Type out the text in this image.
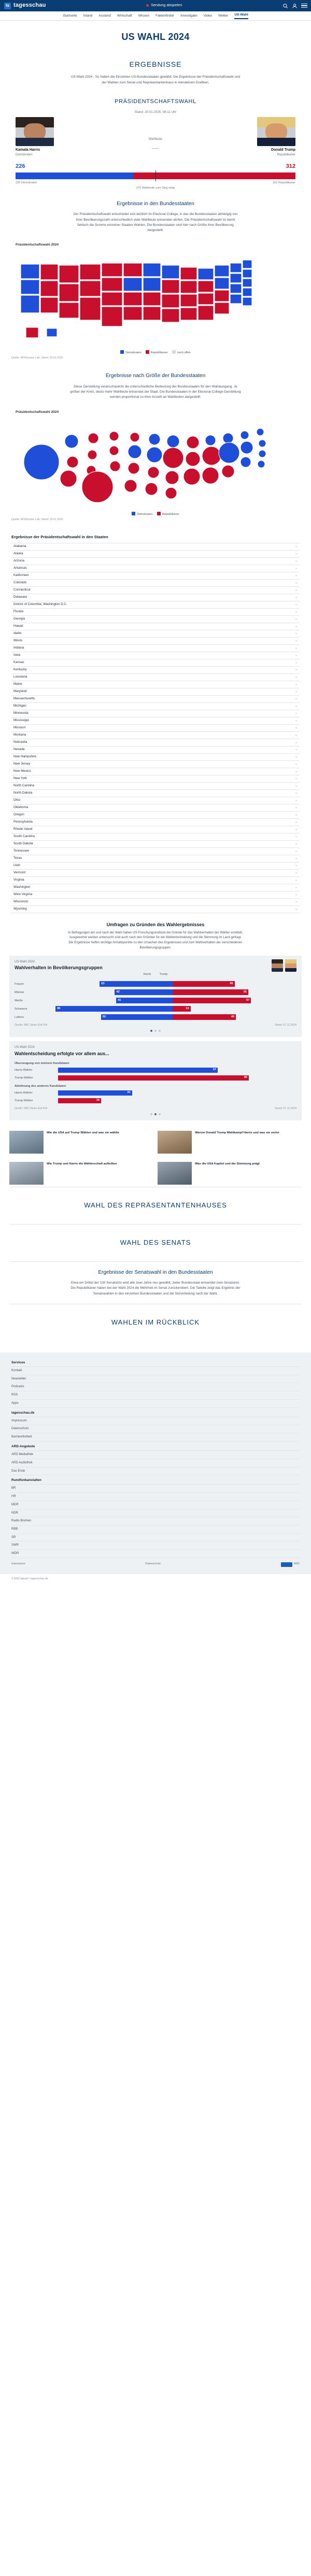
ts tagesschau	Sendung abspielen
Startseite Inland Ausland Wirtschaft Wissen Faktenfinder Investigativ Video Wetter US-Wahl
US WAHL 2024
ERGEBNISSE
US-Wahl 2024 - So haben die Einzelnen US-Bundesstaaten gewählt: Die Ergebnisse der Präsidentschaftswahl und der Wahlen zum Senat und Repräsentantenhaus in interaktiven Grafiken.
PRÄSIDENTSCHAFTSWAHL
Stand: 20.01.2025, 08:11 Uhr
Kamala Harris
Demokraten
Wahlleute
—	Donald Trump
Republikaner
226	312
226 Demokraten	312 Republikaner
270 Wahlleute zum Sieg nötig
Ergebnisse in den Bundesstaaten
Der Präsidentschaftswahl entscheidet sich letztlich im Electoral College, in das die Bundesstaaten abhängig von ihrer Bevölkerungszahl unterschiedlich viele Wahlleute entsenden dürfen. Die Präsidentschaftswahl ist damit faktisch die Summe einzelner Staaten-Wahlen. Die Bundesstaaten sind hier nach Größe ihrer Bevölkerung dargestellt.
Präsidentschaftswahl 2024
Demokraten	Republikaner	noch offen
Quelle: AP/Election Lab, Stand: 20.01.2025
Ergebnisse nach Größe der Bundesstaaten
Diese Darstellung veranschaulicht die unterschiedliche Bedeutung der Bundesstaaten für den Wahlausgang. Je größer der Kreis, desto mehr Wahlleute entsendet der Staat. Die Bundesstaaten in der Electoral-College-Darstellung werden proportional zu ihrer Anzahl an Wahlleuten dargestellt.
Präsidentschaftswahl 2024
Demokraten	Republikaner
Quelle: AP/Election Lab, Stand: 20.01.2025
Ergebnisse der Präsidentschaftswahl in den Staaten
Alabama	⌄
Alaska	⌄
Arizona	⌄
Arkansas	⌄
Kalifornien	⌄
Colorado	⌄
Connecticut	⌄
Delaware	⌄
District of Columbia, Washington D.C.	⌄
Florida	⌄
Georgia	⌄
Hawaii	⌄
Idaho	⌄
Illinois	⌄
Indiana	⌄
Iowa	⌄
Kansas	⌄
Kentucky	⌄
Louisiana	⌄
Maine	⌄
Maryland	⌄
Massachusetts	⌄
Michigan	⌄
Minnesota	⌄
Mississippi	⌄
Missouri	⌄
Montana	⌄
Nebraska	⌄
Nevada	⌄
New Hampshire	⌄
New Jersey	⌄
New Mexico	⌄
New York	⌄
North Carolina	⌄
North Dakota	⌄
Ohio	⌄
Oklahoma	⌄
Oregon	⌄
Pennsylvania	⌄
Rhode Island	⌄
South Carolina	⌄
South Dakota	⌄
Tennessee	⌄
Texas	⌄
Utah	⌄
Vermont	⌄
Virginia	⌄
Washington	⌄
West Virginia	⌄
Wisconsin	⌄
Wyoming	⌄
Umfragen zu Gründen des Wahlergebnisses
In Befragungen am und nach der Wahl haben US-Forschungsinstitute die Gründe für das Wahlverhalten der Wähler ermittelt. Ausgewertet werden untersucht sind auch nach den Gründen für die Wahlentscheidung und die Stimmung im Land gefragt. Die Ergebnisse helfen wichtige Anhaltspunkte zu den Ursachen des Ergebnisses und zum Wahlverhalten der verschiedenen Bevölkerungsgruppen.
US-Wahl 2024
Wahlverhalten in Bevölkerungsgruppen
Harris	Trump
Frauen	53	45
Männer	42	55
Weiße	41	57
Schwarze	85	13
Latinos	52	46
Quelle: NBC News Exit Poll	Stand: 07.11.2024
US-Wahl 2024
Wahlentscheidung erfolgte vor allem aus...
Überzeugung von meinem Kandidaten
Harris-Wähler	67
Trump-Wähler	80
Ablehnung des anderen Kandidaten
Harris-Wähler	31
Trump-Wähler	18
Quelle: NBC News Exit Poll	Stand: 07.11.2024
Wie die USA auf Trump Wählen und was sie wählte	Warum Donald Trump Wahlkampf Harris und was sie verlor
Wie Trump und Harris die Wählerschaft aufteilten	Was die USA Kapitol und die Stimmung prägt
WAHL DES REPRÄSENTANTENHAUSES
WAHL DES SENATS
Ergebnisse der Senatswahl in den Bundesstaaten
Etwa ein Drittel der 100 Senatsitze wird alle zwei Jahre neu gewählt. Jeder Bundesstaat entsendet zwei Senatoren. Die Republikaner haben bei der Wahl 2024 die Mehrheit im Senat zurückerobert. Die Tabelle zeigt das Ergebnis der Senatswahlen in den einzelnen Bundesstaaten und die Sitzverteilung nach der Wahl.
WAHLEN IM RÜCKBLICK
Services
Kontakt
Newsletter
Podcasts
RSS
Apps
tagesschau.de
Impressum
Datenschutz
Barrierefreiheit
ARD-Angebote
ARD Mediathek
ARD Audiothek
Das Erste
Rundfunkanstalten
BR
HR
MDR
NDR
Radio Bremen
RBB
SR
SWR
WDR
Impressum	Datenschutz	ARD
© ARD-aktuell / tagesschau.de
